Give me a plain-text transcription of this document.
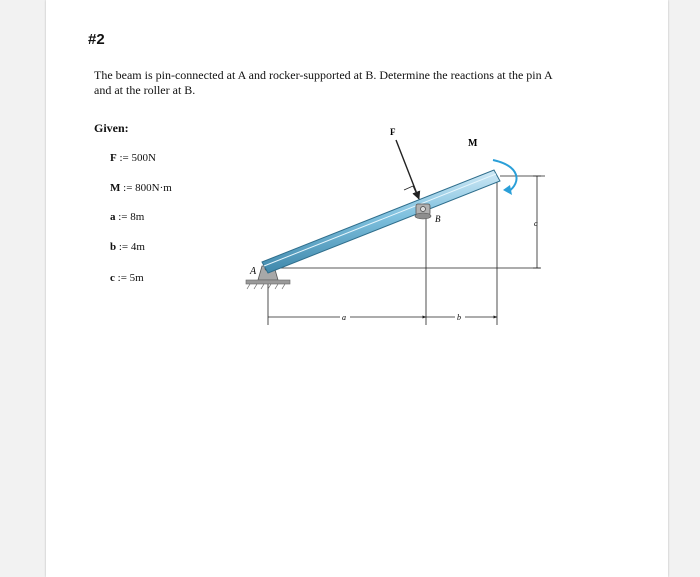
#2
The beam is pin-connected at A and rocker-supported at B. Determine the reactions at the pin A
and at the roller at B.
Given:
F := 500N
M := 800N·m
a := 8m
b := 4m
c := 5m
F
M
A
B
a	b
c
